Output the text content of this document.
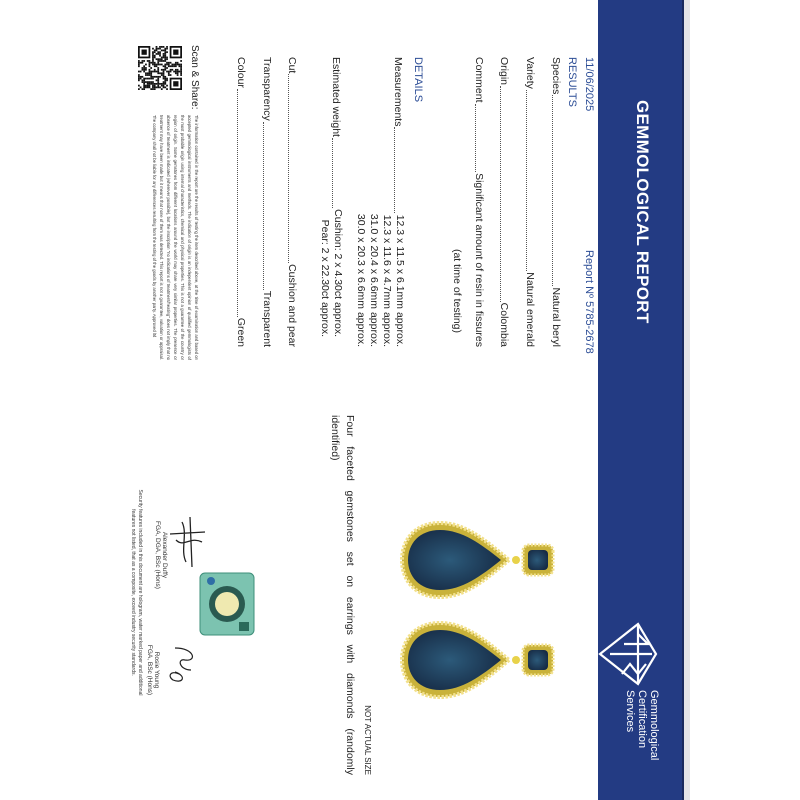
GEMMOLOGICAL REPORT
Gemmological
Certification
Services
11/06/2025
Report Nº 5785-2678
RESULTS
Species
Natural beryl
Variety
Natural emerald
Origin
Colombia
Comment
Significant amount of resin in fissures
(at time of testing)
DETAILS
Measurements
12.3 x 11.5 x 6.1mm approx.
12.3 x 11.6 x 4.7mm approx.
31.0 x 20.4 x 6.6mm approx.
30.0 x 20.3 x 6.6mm approx.
Estimated weight
Cushion: 2 x 4.30ct approx.
Pear: 2 x 22.30ct approx.
Cut
Cushion and pear
Transparency
Transparent
Colour
Green
Scan & Share:
The information contained in the report are the results of testing the item described above, at the time of examination and based on accepted gemmological instruments and methods. The indication of origin is an independent opinion of qualified gemmologists of the most probable origin using internal characteristics, chemical and physical properties. This is not a guarantee of the country or region of origin. Some gemstones from different locations around the world may share very similar properties. The presence or absence of treatment is indicated (wherever possible), but the inscription "no indications of treatment/heating" does not imply that no treatment may have been made but it means that none of them was detected. This report is not a guarantee, valuation or appraisal. The company shall not be liable for any differences resulting from the testing of the goods by another party. Approved ltd
NOT ACTUAL SIZE
Four faceted gemstones set on earrings with diamonds (randomly
identified)
Alexander Duffy
FGA, DGA, BSc (Hons)
Rosie Young
FGA, BSc (Hons)
Security features included in this document are hologram, water marked paper and additional
features not listed, that as a composite, exceed industry security standards.
